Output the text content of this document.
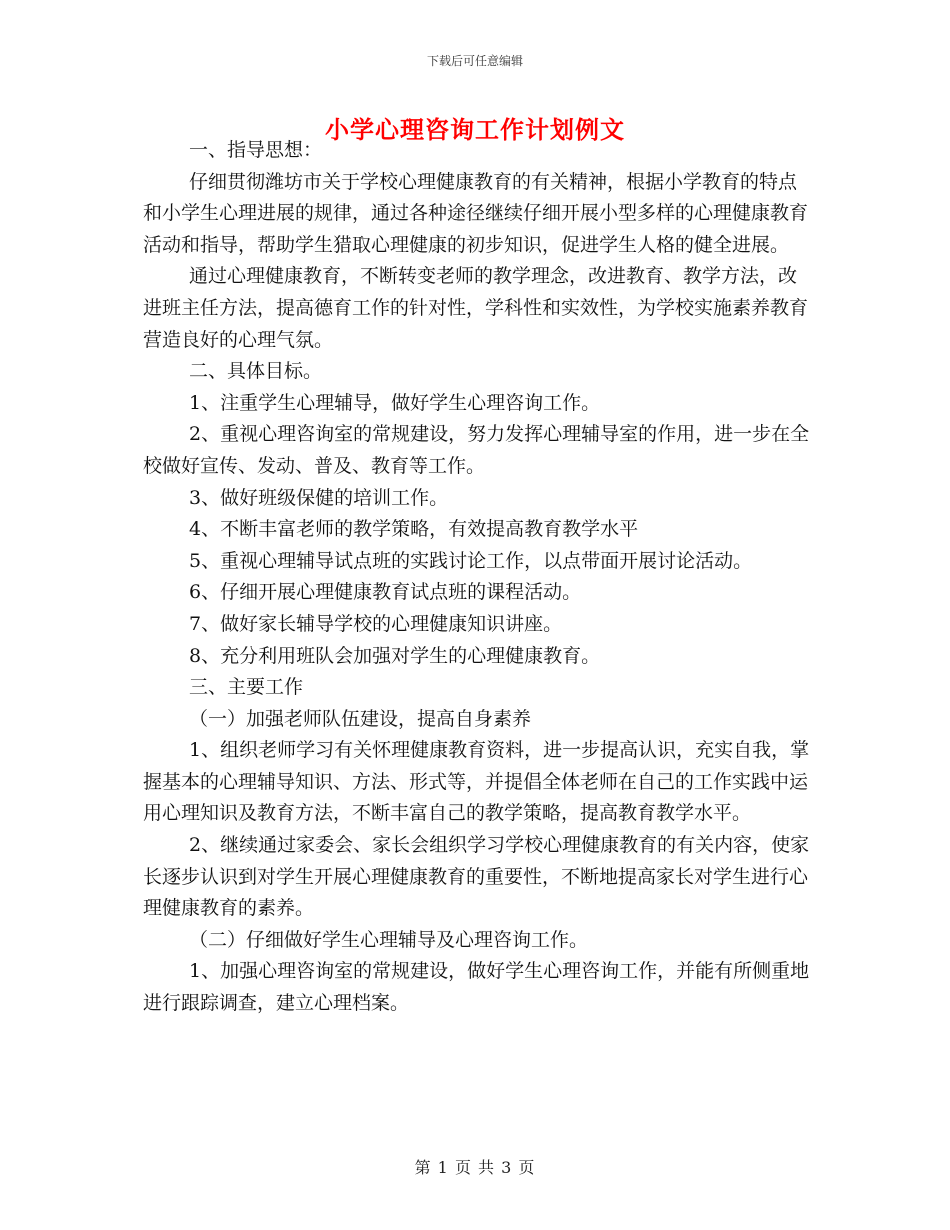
下载后可任意编辑
小学心理咨询工作计划例文

一、指导思想：

仔细贯彻潍坊市关于学校心理健康教育的有关精神，根据小学教育的特点和小学生心理进展的规律，通过各种途径继续仔细开展小型多样的心理健康教育活动和指导，帮助学生猎取心理健康的初步知识，促进学生人格的健全进展。

通过心理健康教育，不断转变老师的教学理念，改进教育、教学方法，改进班主任方法，提高德育工作的针对性，学科性和实效性，为学校实施素养教育营造良好的心理气氛。

二、具体目标。

1、注重学生心理辅导，做好学生心理咨询工作。

2、重视心理咨询室的常规建设，努力发挥心理辅导室的作用，进一步在全校做好宣传、发动、普及、教育等工作。

3、做好班级保健的培训工作。

4、不断丰富老师的教学策略，有效提高教育教学水平

5、重视心理辅导试点班的实践讨论工作，以点带面开展讨论活动。

6、仔细开展心理健康教育试点班的课程活动。

7、做好家长辅导学校的心理健康知识讲座。

8、充分利用班队会加强对学生的心理健康教育。

三、主要工作

（一）加强老师队伍建设，提高自身素养

1、组织老师学习有关怀理健康教育资料，进一步提高认识，充实自我，掌握基本的心理辅导知识、方法、形式等，并提倡全体老师在自己的工作实践中运用心理知识及教育方法，不断丰富自己的教学策略，提高教育教学水平。

2、继续通过家委会、家长会组织学习学校心理健康教育的有关内容，使家长逐步认识到对学生开展心理健康教育的重要性，不断地提高家长对学生进行心理健康教育的素养。

（二）仔细做好学生心理辅导及心理咨询工作。

1、加强心理咨询室的常规建设，做好学生心理咨询工作，并能有所侧重地进行跟踪调查，建立心理档案。

第 1 页 共 3 页
